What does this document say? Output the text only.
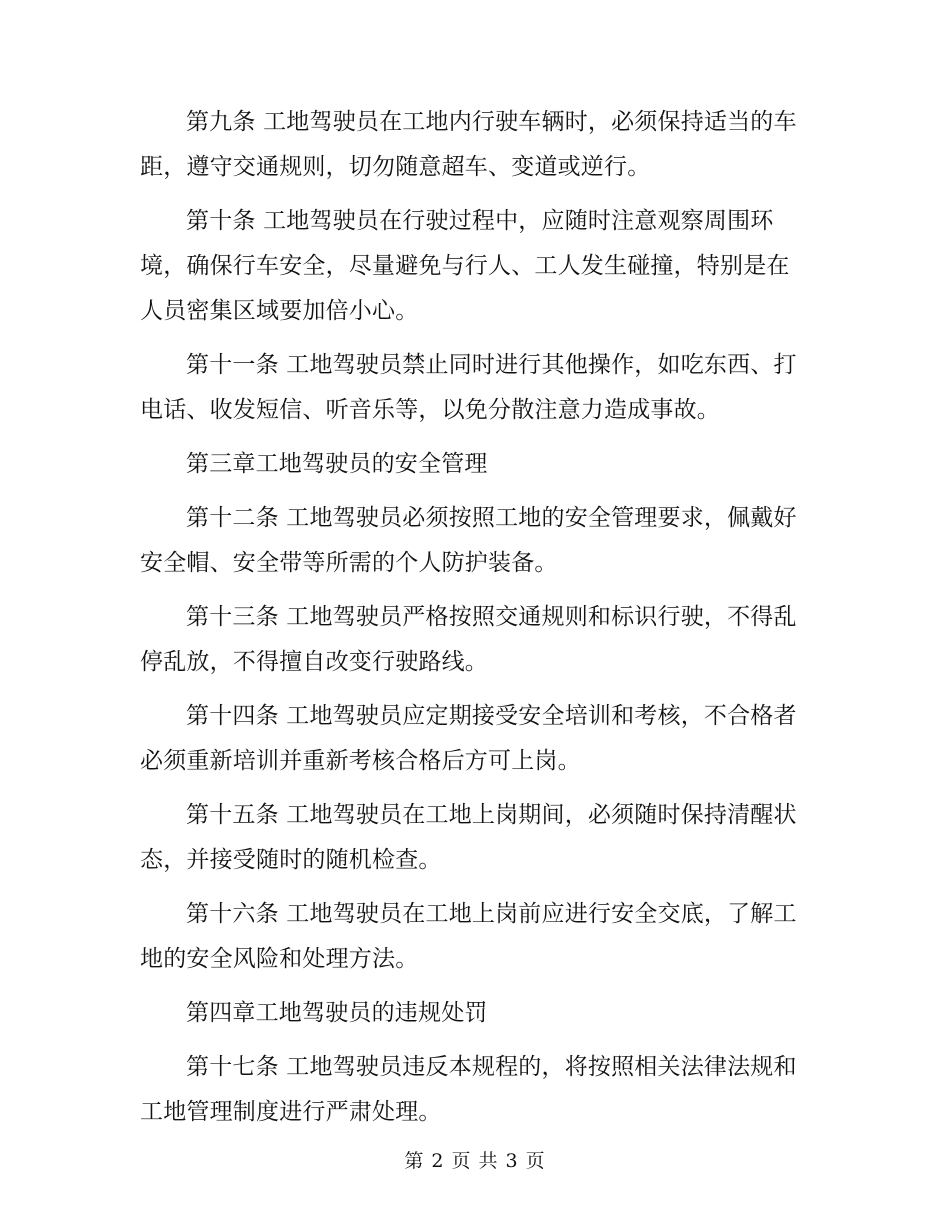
第九条 工地驾驶员在工地内行驶车辆时，必须保持适当的车距，遵守交通规则，切勿随意超车、变道或逆行。

第十条 工地驾驶员在行驶过程中，应随时注意观察周围环境，确保行车安全，尽量避免与行人、工人发生碰撞，特别是在人员密集区域要加倍小心。

第十一条 工地驾驶员禁止同时进行其他操作，如吃东西、打电话、收发短信、听音乐等，以免分散注意力造成事故。

第三章工地驾驶员的安全管理

第十二条 工地驾驶员必须按照工地的安全管理要求，佩戴好安全帽、安全带等所需的个人防护装备。

第十三条 工地驾驶员严格按照交通规则和标识行驶，不得乱停乱放，不得擅自改变行驶路线。

第十四条 工地驾驶员应定期接受安全培训和考核，不合格者必须重新培训并重新考核合格后方可上岗。

第十五条 工地驾驶员在工地上岗期间，必须随时保持清醒状态，并接受随时的随机检查。

第十六条 工地驾驶员在工地上岗前应进行安全交底，了解工地的安全风险和处理方法。

第四章工地驾驶员的违规处罚

第十七条 工地驾驶员违反本规程的，将按照相关法律法规和工地管理制度进行严肃处理。

第 2 页 共 3 页
